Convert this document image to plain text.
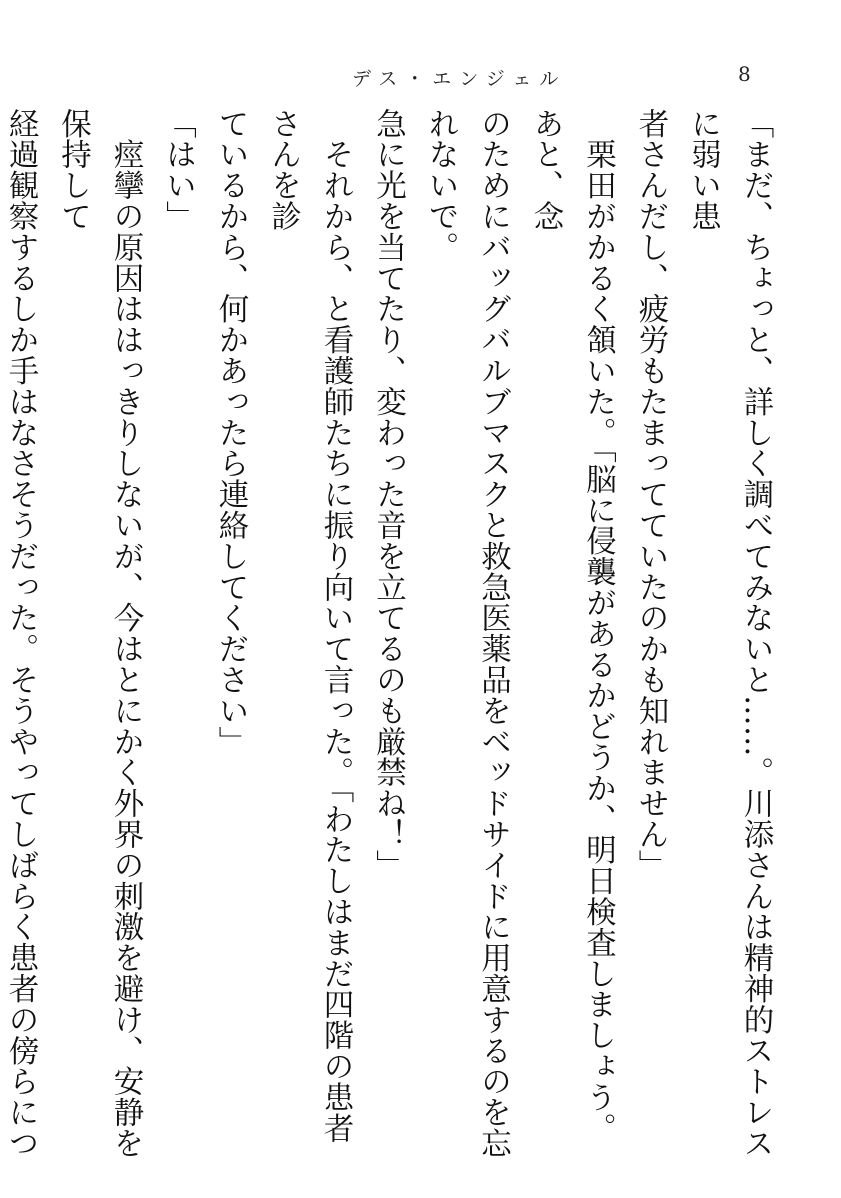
デス・エンジェル	8

「まだ、ちょっと、詳しく調べてみないと……。川添さんは精神的ストレスに弱い患

者さんだし、疲労もたまってていたのかも知れません」

　栗田がかるく頷いた。「脳に侵襲があるかどうか、明日検査しましょう。あと、念

のためにバッグバルブマスクと救急医薬品をベッドサイドに用意するのを忘れないで。

急に光を当てたり、変わった音を立てるのも厳禁ね！」

　それから、と看護師たちに振り向いて言った。「わたしはまだ四階の患者さんを診

ているから、何かあったら連絡してください」

「はい」

　痙攣の原因ははっきりしないが、今はとにかく外界の刺激を避け、安静を保持して

経過観察するしか手はなさそうだった。そうやってしばらく患者の傍らにつ
